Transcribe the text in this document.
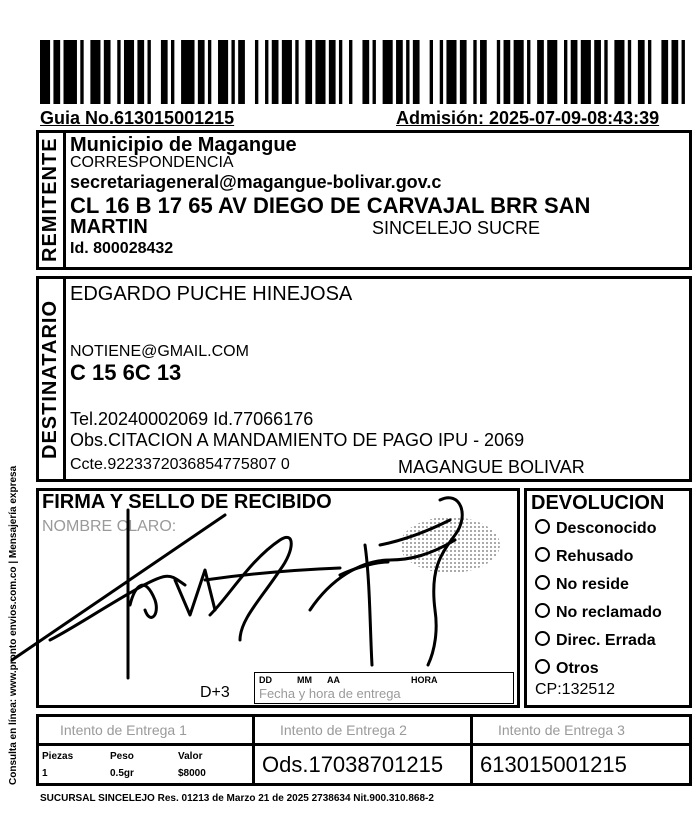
Guia No.613015001215	Admisión: 2025-07-09-08:43:39
Consulta en línea: www.pronto envios.com.co | Mensajería expresa
REMITENTE Municipio de Magangue
CORRESPONDENCIA
secretariageneral@magangue-bolivar.gov.c
CL 16 B 17 65 AV DIEGO DE CARVAJAL BRR SAN
MARTIN	SINCELEJO SUCRE
Id. 800028432
DESTINATARIO
EDGARDO PUCHE HINEJOSA
NOTIENE@GMAIL.COM
C 15 6C 13
Tel.20240002069 Id.77066176
Obs.CITACION A MANDAMIENTO DE PAGO IPU - 2069
Ccte.9223372036854775807 0	MAGANGUE BOLIVAR
FIRMA Y SELLO DE RECIBIDO
NOMBRE CLARO:
D+3
DD	MM AA	HORA
Fecha y hora de entrega
DEVOLUCION
Desconocido
Rehusado
No reside
No reclamado
Direc. Errada
Otros
CP:132512
Intento de Entrega 1	Intento de Entrega 2	Intento de Entrega 3
Piezas	Peso	Valor
1	0.5gr	$8000	Ods.17038701215 613015001215
SUCURSAL SINCELEJO Res. 01213 de Marzo 21 de 2025 2738634 Nit.900.310.868-2
